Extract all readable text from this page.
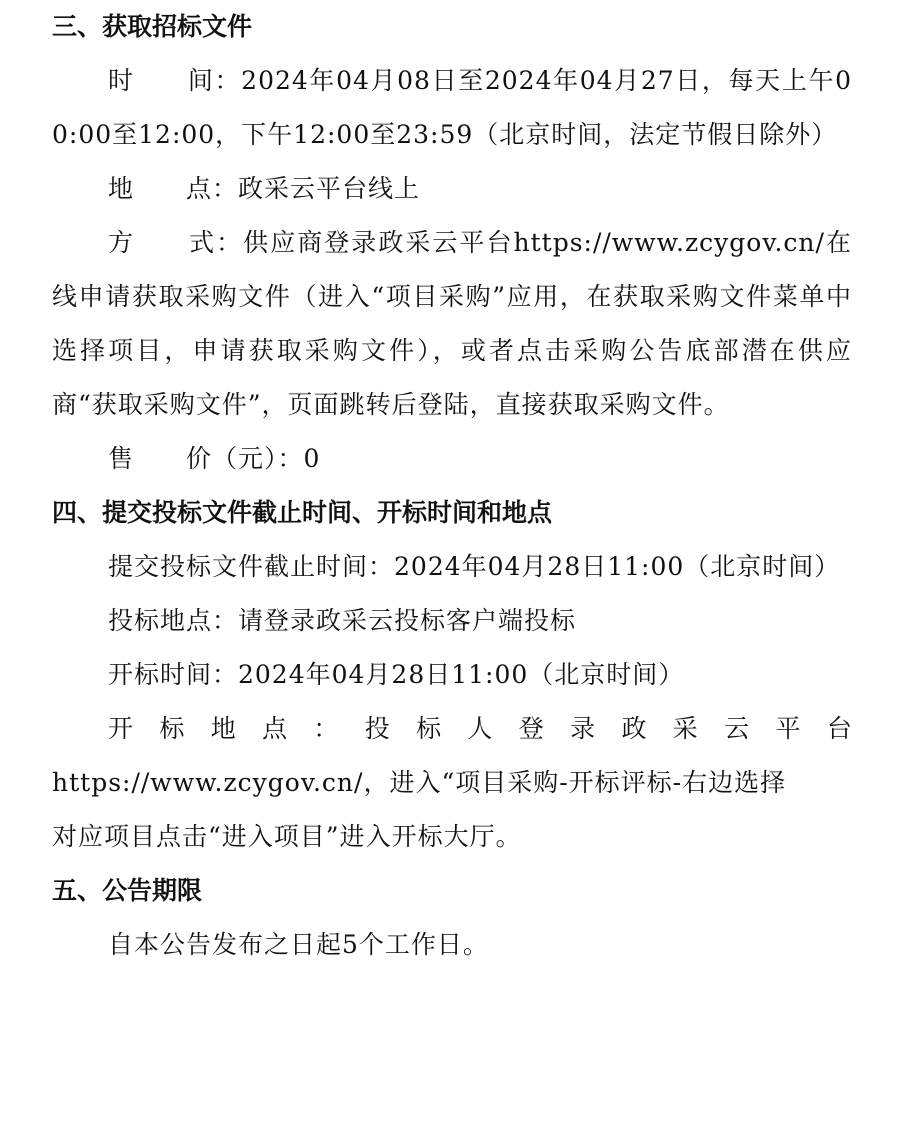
三、获取招标文件
时　　间：2024年04月08日至2024年04月27日，每天上午00:00至12:00，下午12:00至23:59（北京时间，法定节假日除外）
地　　点：政采云平台线上
方　　式：供应商登录政采云平台https://www.zcygov.cn/在线申请获取采购文件（进入“项目采购”应用，在获取采购文件菜单中选择项目，申请获取采购文件），或者点击采购公告底部潜在供应商“获取采购文件”，页面跳转后登陆，直接获取采购文件。
售　　价（元）：0
四、提交投标文件截止时间、开标时间和地点
提交投标文件截止时间：2024年04月28日11:00（北京时间）
投标地点：请登录政采云投标客户端投标
开标时间：2024年04月28日11:00（北京时间）
开 标 地 点 ： 投 标 人 登 录 政 采 云 平 台
https://www.zcygov.cn/，进入“项目采购-开标评标-右边选择
对应项目点击“进入项目”进入开标大厅。
五、公告期限
自本公告发布之日起5个工作日。
